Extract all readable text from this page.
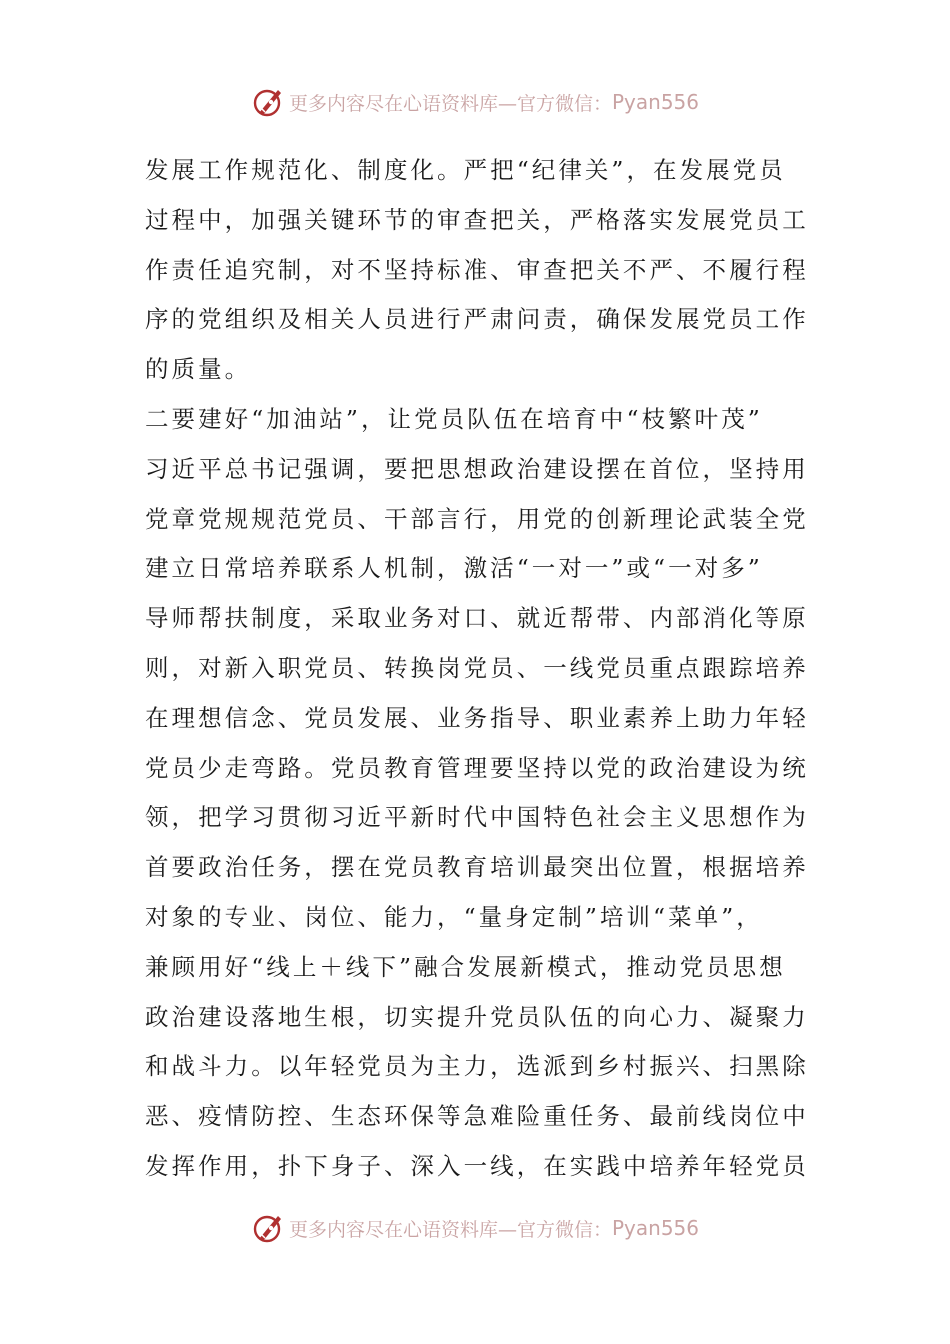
更多内容尽在心语资料库—官方微信： Pyan556
发展工作规范化、制度化。严把“纪律关”，在发展党员
过程中，加强关键环节的审查把关，严格落实发展党员工
作责任追究制，对不坚持标准、审查把关不严、不履行程
序的党组织及相关人员进行严肃问责，确保发展党员工作
的质量。
二要建好“加油站”，让党员队伍在培育中“枝繁叶茂”
习近平总书记强调，要把思想政治建设摆在首位，坚持用
党章党规规范党员、干部言行，用党的创新理论武装全党
建立日常培养联系人机制，激活“一对一”或“一对多”
导师帮扶制度，采取业务对口、就近帮带、内部消化等原
则，对新入职党员、转换岗党员、一线党员重点跟踪培养
在理想信念、党员发展、业务指导、职业素养上助力年轻
党员少走弯路。党员教育管理要坚持以党的政治建设为统
领，把学习贯彻习近平新时代中国特色社会主义思想作为
首要政治任务，摆在党员教育培训最突出位置，根据培养
对象的专业、岗位、能力，“量身定制”培训“菜单”，
兼顾用好“线上＋线下”融合发展新模式，推动党员思想
政治建设落地生根，切实提升党员队伍的向心力、凝聚力
和战斗力。以年轻党员为主力，选派到乡村振兴、扫黑除
恶、疫情防控、生态环保等急难险重任务、最前线岗位中
发挥作用，扑下身子、深入一线，在实践中培养年轻党员
更多内容尽在心语资料库—官方微信： Pyan556
